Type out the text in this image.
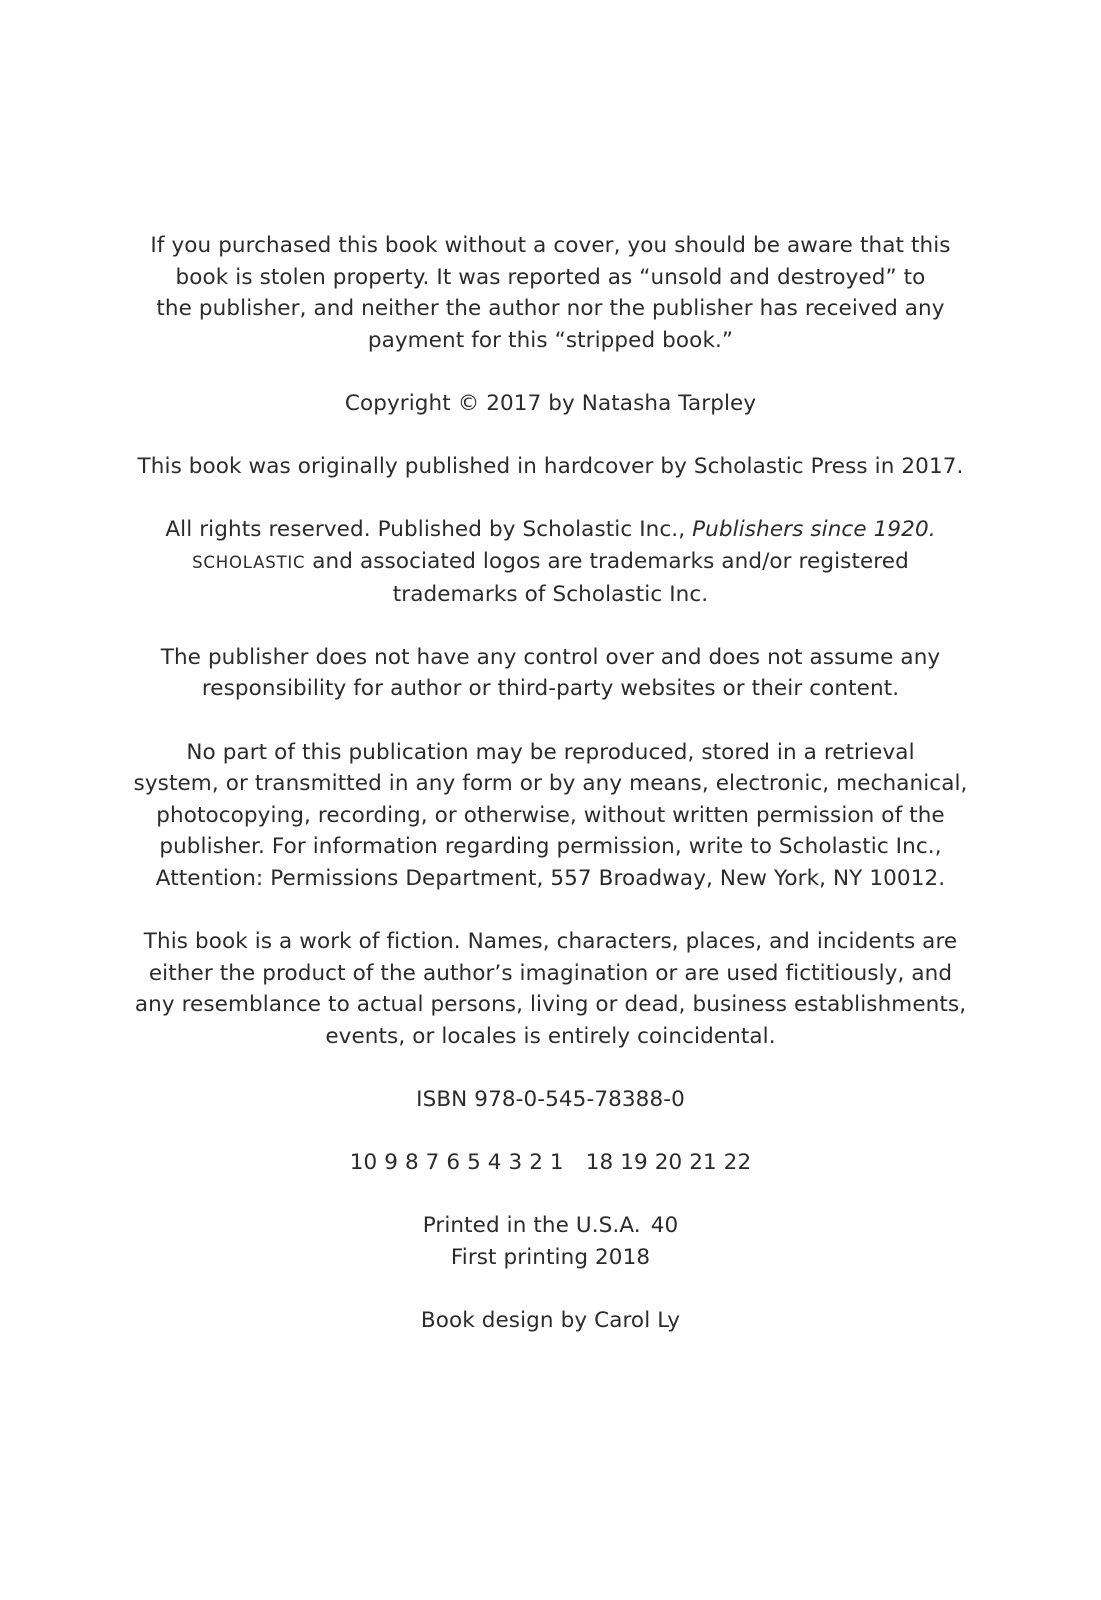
If you purchased this book without a cover, you should be aware that this
book is stolen property. It was reported as “unsold and destroyed” to
the publisher, and neither the author nor the publisher has received any
payment for this “stripped book.”
Copyright © 2017 by Natasha Tarpley
This book was originally published in hardcover by Scholastic Press in 2017.
All rights reserved. Published by Scholastic Inc., Publishers since 1920.
SCHOLASTIC and associated logos are trademarks and/or registered
trademarks of Scholastic Inc.
The publisher does not have any control over and does not assume any
responsibility for author or third-party websites or their content.
No part of this publication may be reproduced, stored in a retrieval
system, or transmitted in any form or by any means, electronic, mechanical,
photocopying, recording, or otherwise, without written permission of the
publisher. For information regarding permission, write to Scholastic Inc.,
Attention: Permissions Department, 557 Broadway, New York, NY 10012.
This book is a work of fiction. Names, characters, places, and incidents are
either the product of the author’s imagination or are used fictitiously, and
any resemblance to actual persons, living or dead, business establishments,
events, or locales is entirely coincidental.
ISBN 978-0-545-78388-0
10 9 8 7 6 5 4 3 2 1 18 19 20 21 22
Printed in the U.S.A. 40
First printing 2018
Book design by Carol Ly
